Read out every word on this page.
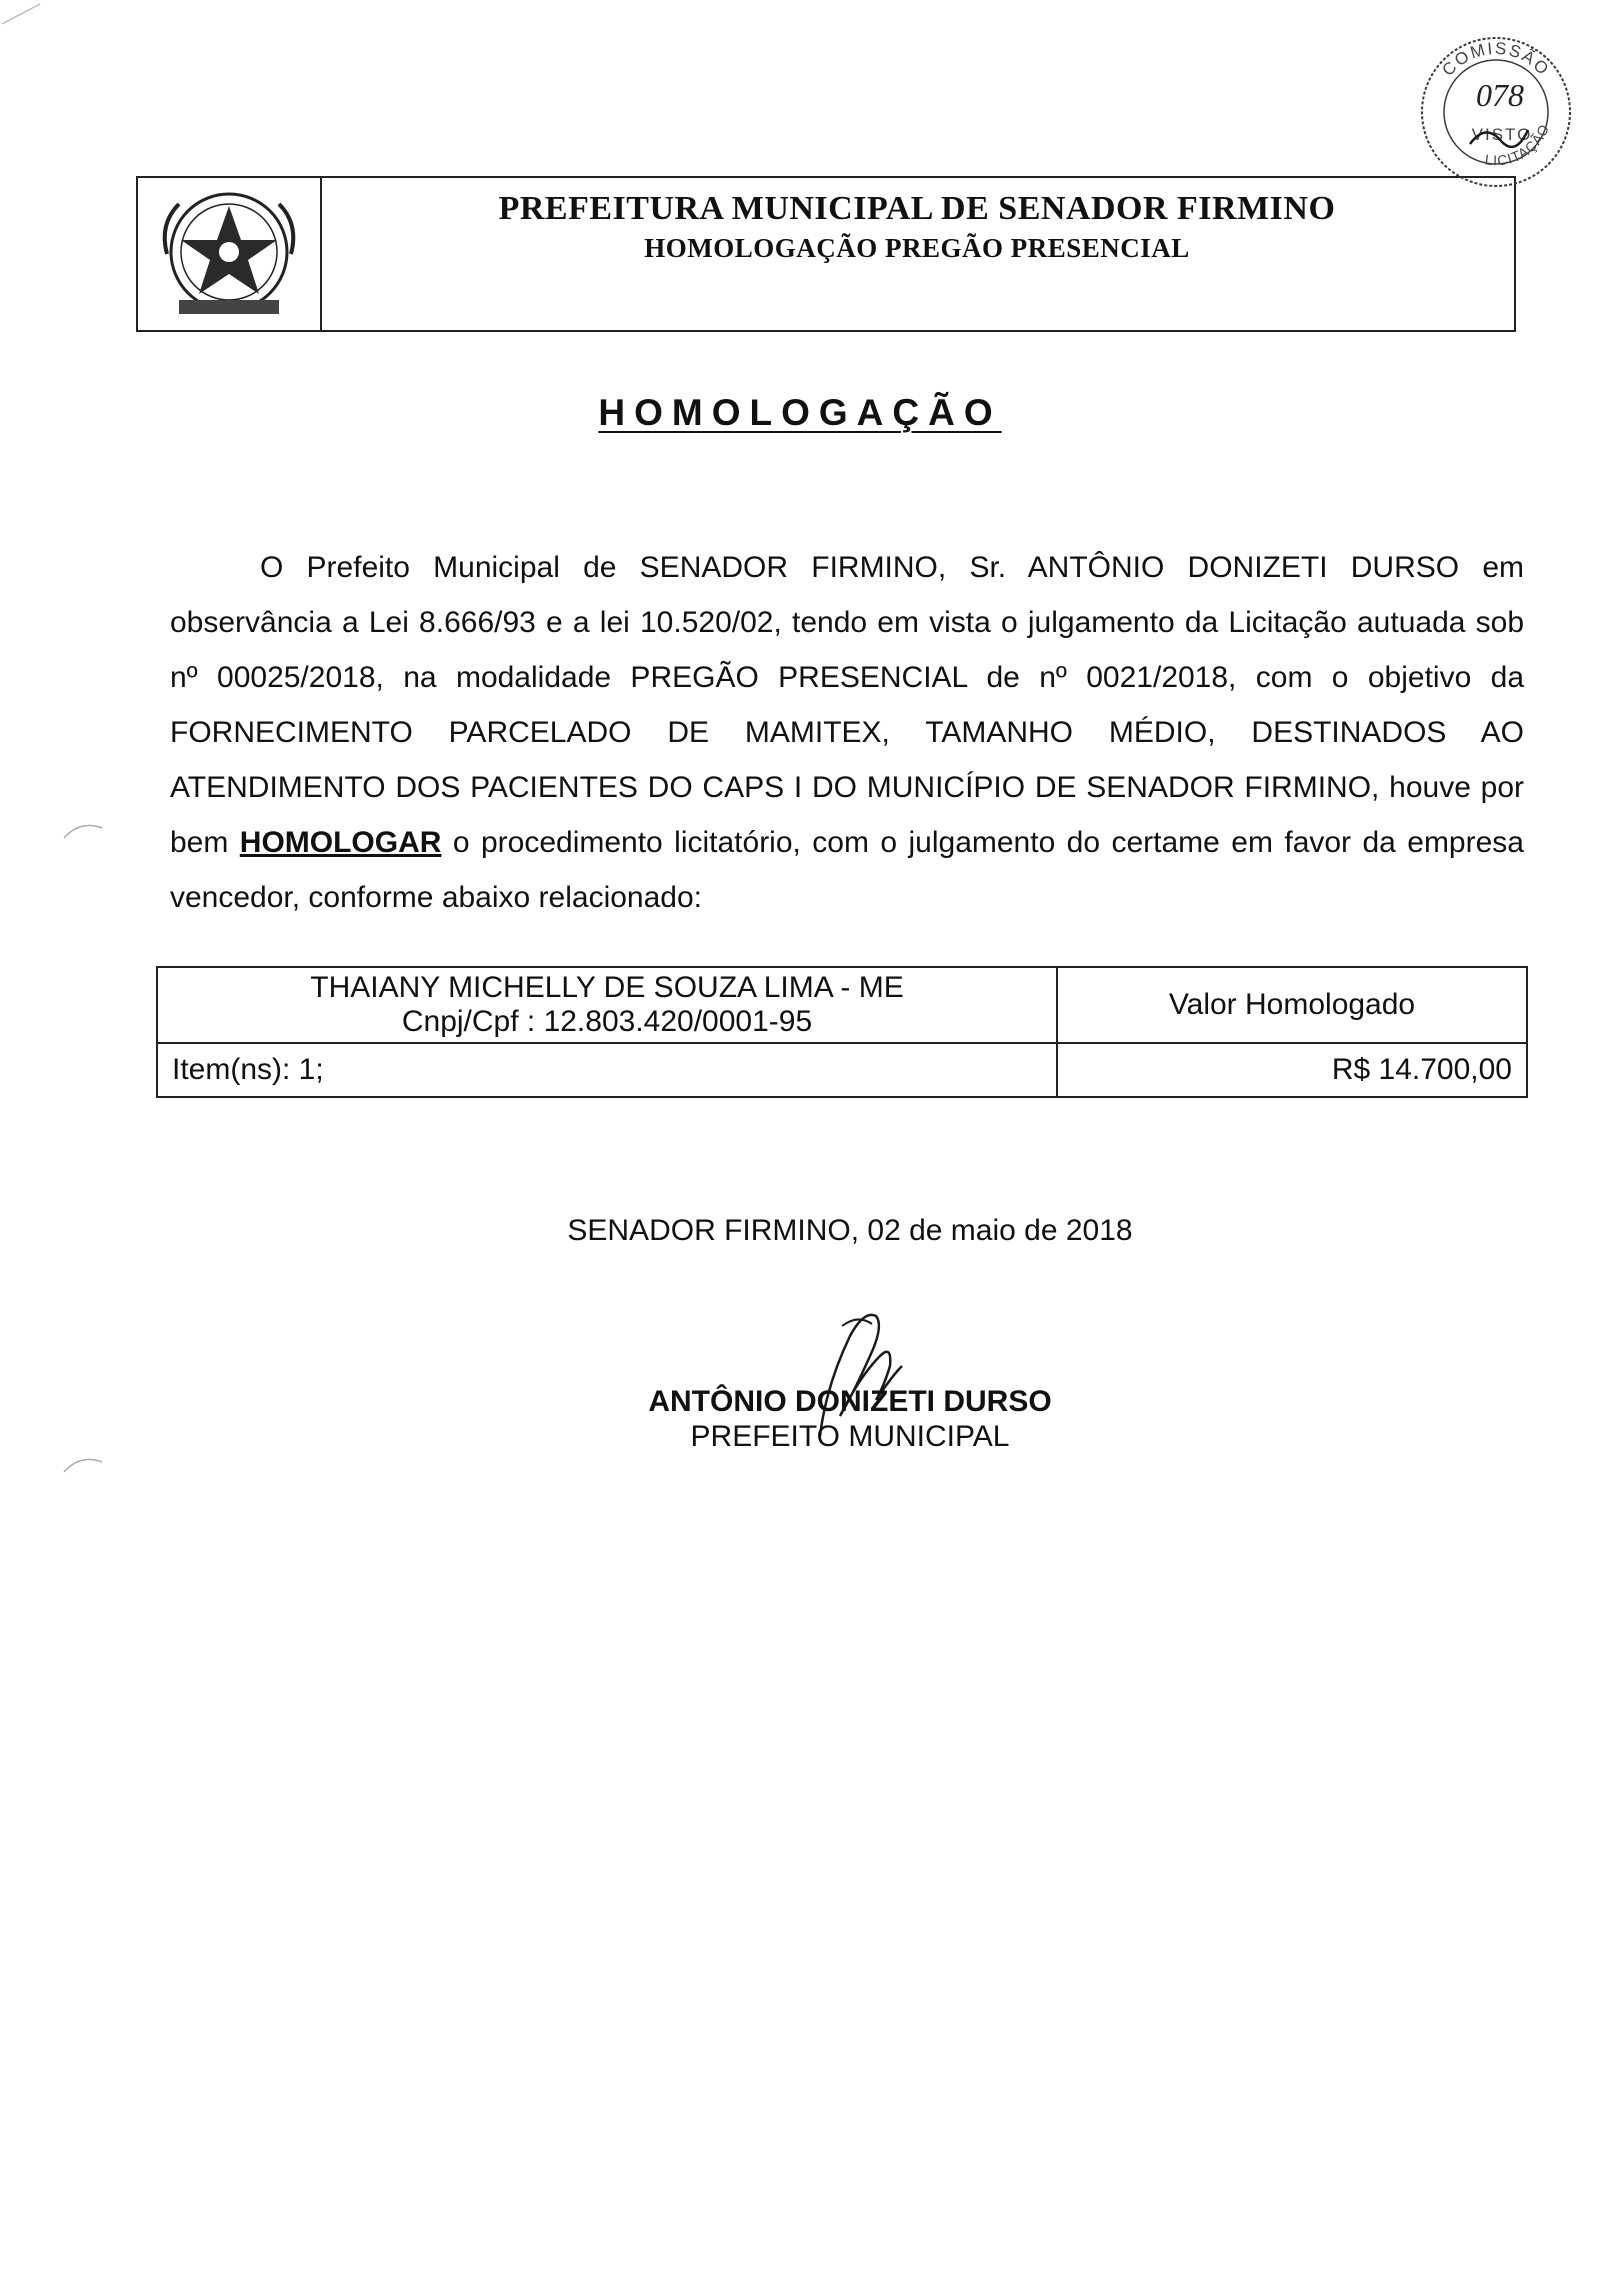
PREFEITURA MUNICIPAL DE SENADOR FIRMINO
HOMOLOGAÇÃO PREGÃO PRESENCIAL
COMISSÃO
078
VISTO
LICITAÇÃO
HOMOLOGAÇÃO
O Prefeito Municipal de SENADOR FIRMINO, Sr. ANTÔNIO DONIZETI DURSO em observância a Lei 8.666/93 e a lei 10.520/02, tendo em vista o julgamento da Licitação autuada sob nº 00025/2018, na modalidade PREGÃO PRESENCIAL de nº 0021/2018, com o objetivo da FORNECIMENTO PARCELADO DE MAMITEX, TAMANHO MÉDIO, DESTINADOS AO ATENDIMENTO DOS PACIENTES DO CAPS I DO MUNICÍPIO DE SENADOR FIRMINO, houve por bem HOMOLOGAR o procedimento licitatório, com o julgamento do certame em favor da empresa vencedor, conforme abaixo relacionado:
THAIANY MICHELLY DE SOUZA LIMA - ME
Cnpj/Cpf : 12.803.420/0001-95	Valor Homologado
Item(ns): 1;	R$ 14.700,00
SENADOR FIRMINO, 02 de maio de 2018
ANTÔNIO DONIZETI DURSO
PREFEITO MUNICIPAL
